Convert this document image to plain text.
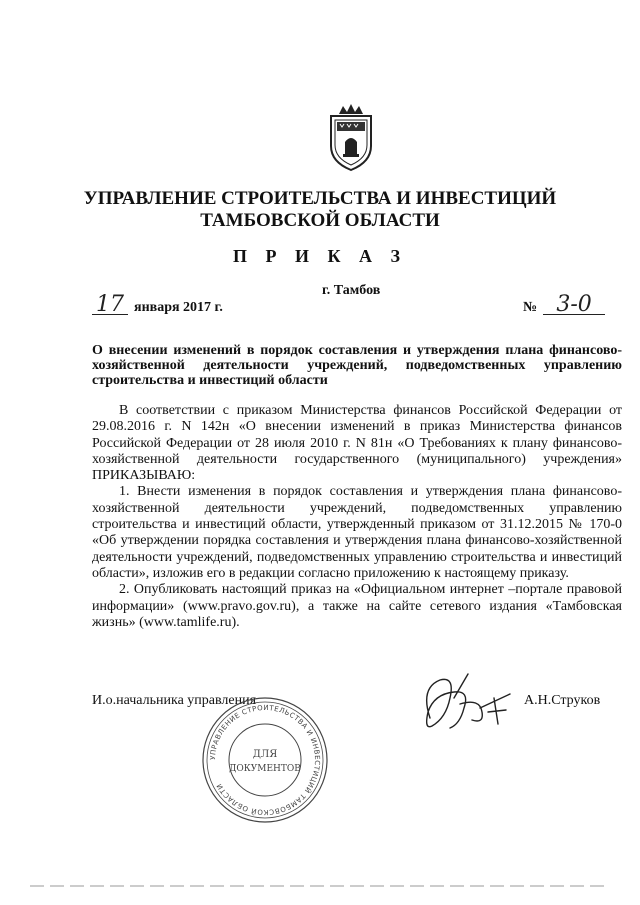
УПРАВЛЕНИЕ СТРОИТЕЛЬСТВА И ИНВЕСТИЦИЙ
ТАМБОВСКОЙ ОБЛАСТИ
П Р И К А З
г. Тамбов
17 января 2017 г.	№ 3-0
О внесении изменений в порядок составления и утверждения плана финансово-хозяйственной деятельности учреждений, подведомственных управлению строительства и инвестиций области

В соответствии с приказом Министерства финансов Российской Федерации от 29.08.2016 г. N 142н «О внесении изменений в приказ Министерства финансов Российской Федерации от 28 июля 2010 г. N 81н «О Требованиях к плану финансово-хозяйственной деятельности государственного (муниципального) учреждения» ПРИКАЗЫВАЮ:

1. Внести изменения в порядок составления и утверждения плана финансово-хозяйственной деятельности учреждений, подведомственных управлению строительства и инвестиций области, утвержденный приказом от 31.12.2015 № 170-0 «Об утверждении порядка составления и утверждения плана финансово-хозяйственной деятельности учреждений, подведомственных управлению строительства и инвестиций области», изложив его в редакции согласно приложению к настоящему приказу.

2. Опубликовать настоящий приказ на «Официальном интернет –портале правовой информации» (www.pravo.gov.ru), а также на сайте сетевого издания «Тамбовская жизнь» (www.tamlife.ru).

И.о.начальника управления	А.Н.Струков
УПРАВЛЕНИЕ СТРОИТЕЛЬСТВА И ИНВЕСТИЦИЙ ТАМБОВСКОЙ ОБЛАСТИ
ДЛЯ
ДОКУМЕНТОВ
